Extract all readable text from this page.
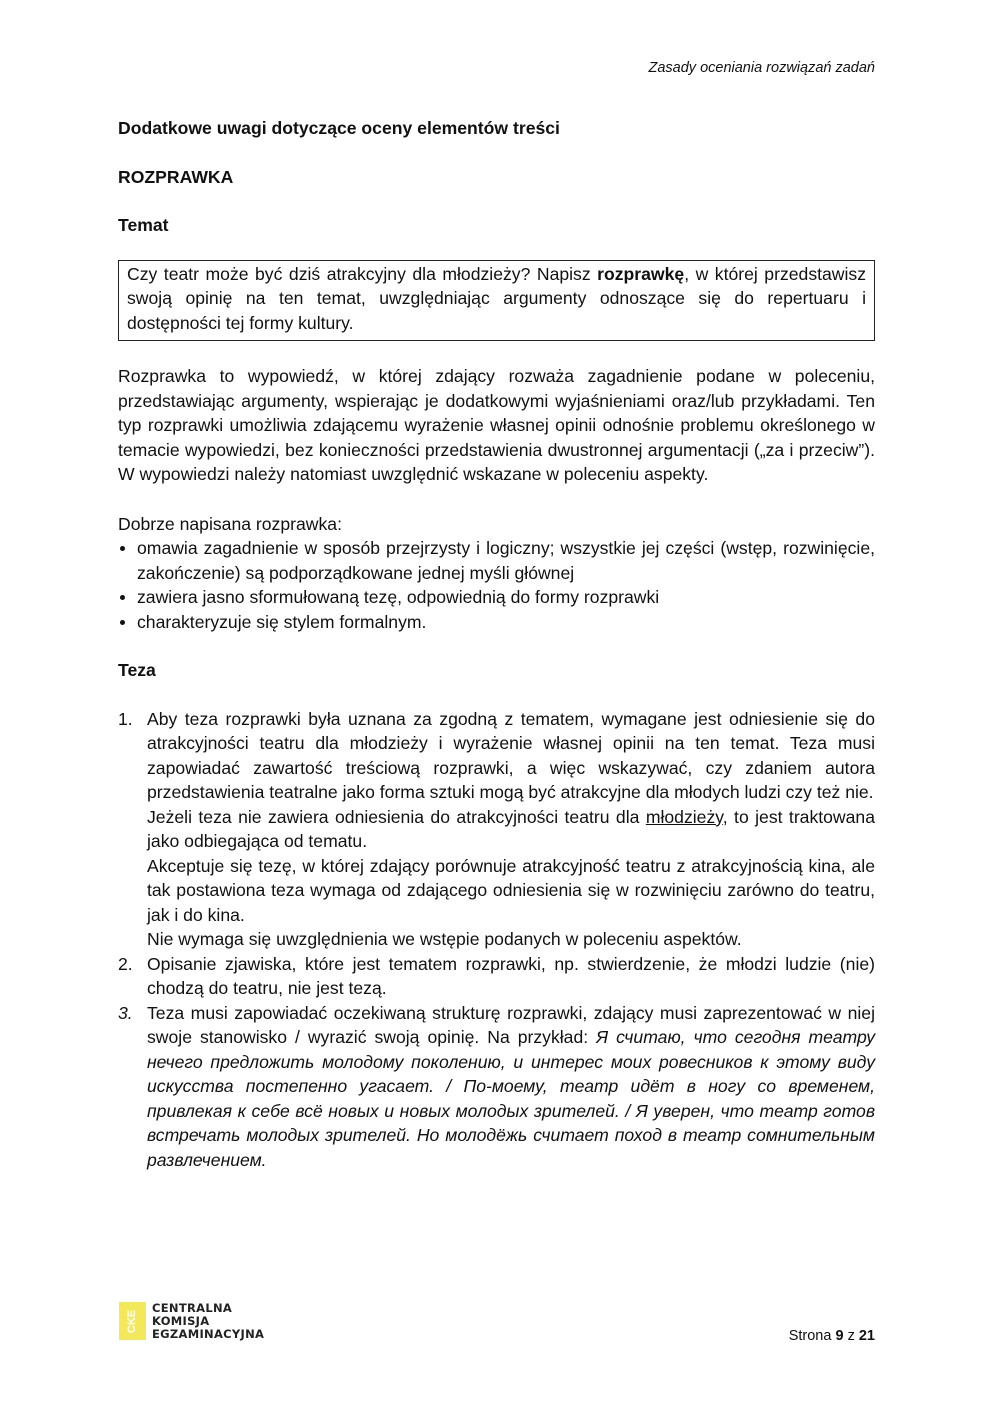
Zasady oceniania rozwiązań zadań

Dodatkowe uwagi dotyczące oceny elementów treści

ROZPRAWKA

Temat

Czy teatr może być dziś atrakcyjny dla młodzieży? Napisz rozprawkę, w której przedstawisz swoją opinię na ten temat, uwzględniając argumenty odnoszące się do repertuaru i dostępności tej formy kultury.

Rozprawka to wypowiedź, w której zdający rozważa zagadnienie podane w poleceniu, przedstawiając argumenty, wspierając je dodatkowymi wyjaśnieniami oraz/lub przykładami. Ten typ rozprawki umożliwia zdającemu wyrażenie własnej opinii odnośnie problemu określonego w temacie wypowiedzi, bez konieczności przedstawienia dwustronnej argumentacji („za i przeciw”). W wypowiedzi należy natomiast uwzględnić wskazane w poleceniu aspekty.

Dobrze napisana rozprawka:

omawia zagadnienie w sposób przejrzysty i logiczny; wszystkie jej części (wstęp, rozwinięcie, zakończenie) są podporządkowane jednej myśli głównej
zawiera jasno sformułowaną tezę, odpowiednią do formy rozprawki
charakteryzuje się stylem formalnym.

Teza

1. Aby teza rozprawki była uznana za zgodną z tematem, wymagane jest odniesienie się do atrakcyjności teatru dla młodzieży i wyrażenie własnej opinii na ten temat. Teza musi zapowiadać zawartość treściową rozprawki, a więc wskazywać, czy zdaniem autora przedstawienia teatralne jako forma sztuki mogą być atrakcyjne dla młodych ludzi czy też nie.

Jeżeli teza nie zawiera odniesienia do atrakcyjności teatru dla młodzieży, to jest traktowana jako odbiegająca od tematu.

Akceptuje się tezę, w której zdający porównuje atrakcyjność teatru z atrakcyjnością kina, ale tak postawiona teza wymaga od zdającego odniesienia się w rozwinięciu zarówno do teatru, jak i do kina.

Nie wymaga się uwzględnienia we wstępie podanych w poleceniu aspektów.

2. Opisanie zjawiska, które jest tematem rozprawki, np. stwierdzenie, że młodzi ludzie (nie) chodzą do teatru, nie jest tezą.

3. Teza musi zapowiadać oczekiwaną strukturę rozprawki, zdający musi zaprezentować w niej swoje stanowisko / wyrazić swoją opinię. Na przykład: Я считаю, что сегодня театру нечего предложить молодому поколению, и интерес моих ровесников к этому виду искусства постепенно угасает. / По-моему, театр идёт в ногу со временем, привлекая к себе всё новых и новых молодых зрителей. / Я уверен, что театр готов встречать молодых зрителей. Но молодёжь считает поход в театр сомнительным развлечением.

CKE
CENTRALNA
KOMISJA
EGZAMINACYJNA	Strona 9 z 21
